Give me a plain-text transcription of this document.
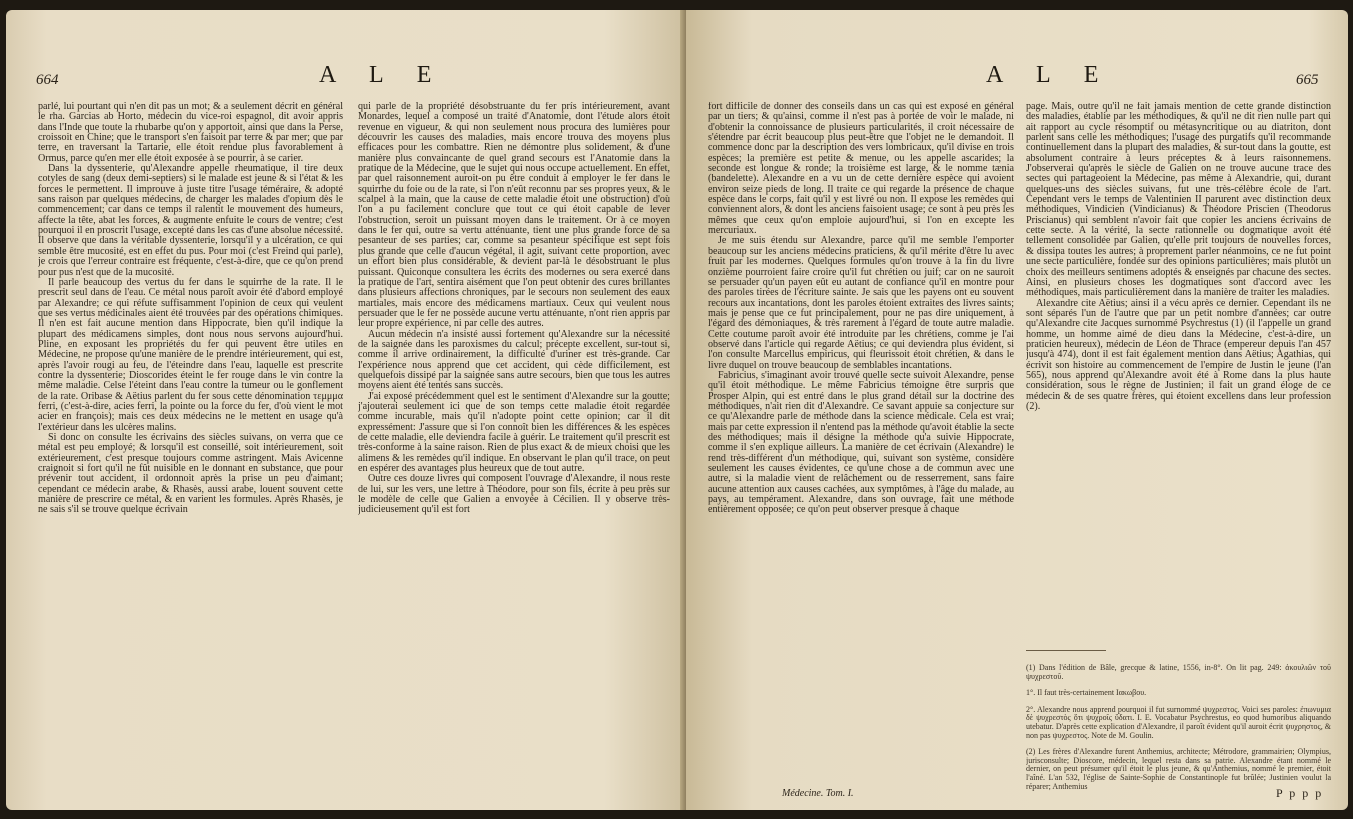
664	A L E

parlé, lui pourtant qui n'en dit pas un mot; & a seulement décrit en général le rha. Garcias ab Horto, médecin du vice-roi espagnol, dit avoir appris dans l'Inde que toute la rhubarbe qu'on y apportoit, ainsi que dans la Perse, croissoit en Chine; que le transport s'en faisoit par terre & par mer; que par terre, en traversant la Tartarie, elle étoit rendue plus favorablement à Ormus, parce qu'en mer elle étoit exposée à se pourrir, à se carier.

Dans la dyssenterie, qu'Alexandre appelle rheumatique, il tire deux cotyles de sang (deux demi-septiers) si le malade est jeune & si l'état & les forces le permettent. Il improuve à juste titre l'usage téméraire, & adopté sans raison par quelques médecins, de charger les malades d'opium dès le commencement; car dans ce temps il ralentit le mouvement des humeurs, affecte la tête, abat les forces, & augmente enfuite le cours de ventre; c'est pourquoi il en proscrit l'usage, excepté dans les cas d'une absolue nécessité. Il observe que dans la véritable dyssenterie, lorsqu'il y a ulcération, ce qui semble être mucosité, est en effet du pus. Pour moi (c'est Freind qui parle), je crois que l'erreur contraire est fréquente, c'est-à-dire, que ce qu'on prend pour pus n'est que de la mucosité.

Il parle beaucoup des vertus du fer dans le squirrhe de la rate. Il le prescrit seul dans de l'eau. Ce métal nous paroît avoir été d'abord employé par Alexandre; ce qui réfute suffisamment l'opinion de ceux qui veulent que ses vertus médicinales aient été trouvées par des opérations chimiques. Il n'en est fait aucune mention dans Hippocrate, bien qu'il indique la plupart des médicamens simples, dont nous nous servons aujourd'hui. Pline, en exposant les propriétés du fer qui peuvent être utiles en Médecine, ne propose qu'une manière de le prendre intérieurement, qui est, après l'avoir rougi au feu, de l'éteindre dans l'eau, laquelle est prescrite contre la dyssenterie; Dioscorides éteint le fer rouge dans le vin contre la même maladie. Celse l'éteint dans l'eau contre la tumeur ou le gonflement de la rate. Oribase & Aëtius parlent du fer sous cette dénomination τεμμμα ferri, (c'est-à-dire, acies ferri, la pointe ou la force du fer, d'où vient le mot acier en françois); mais ces deux médecins ne le mettent en usage qu'à l'extérieur dans les ulcères malins.

Si donc on consulte les écrivains des siècles suivans, on verra que ce métal est peu employé; & lorsqu'il est conseillé, soit intérieurement, soit extérieurement, c'est presque toujours comme astringent. Mais Avicenne craignoit si fort qu'il ne fût nuisible en le donnant en substance, que pour prévenir tout accident, il ordonnoit après la prise un peu d'aimant; cependant ce médecin arabe, & Rhasès, aussi arabe, louent souvent cette manière de prescrire ce métal, & en varient les formules. Après Rhasès, je ne sais s'il se trouve quelque écrivain

qui parle de la propriété désobstruante du fer prís intérieurement, avant Monardes, lequel a composé un traité d'Anatomie, dont l'étude alors étoit revenue en vigueur, & qui non seulement nous procura des lumières pour découvrir les causes des maladies, mais encore trouva des moyens plus efficaces pour les combattre. Rien ne démontre plus solidement, & d'une manière plus convaincante de quel grand secours est l'Anatomie dans la pratique de la Médecine, que le sujet qui nous occupe actuellement. En effet, par quel raisonnement auroit-on pu être conduit à employer le fer dans le squirrhe du foie ou de la rate, si l'on n'eût reconnu par ses propres yeux, & le scalpel à la main, que la cause de cette maladie étoit une obstruction) d'où l'on a pu facilement conclure que tout ce qui étoit capable de lever l'obstruction, seroit un puissant moyen dans le traitement. Or à ce moyen dans le fer qui, outre sa vertu atténuante, tient une plus grande force de sa pesanteur de ses parties; car, comme sa pesanteur spécifique est sept fois plus grande que celle d'aucun végétal, il agit, suivant cette proportion, avec un effort bien plus considérable, & devient par-là le désobstruant le plus puissant. Quiconque consultera les écrits des modernes ou sera exercé dans la pratique de l'art, sentira aisément que l'on peut obtenir des cures brillantes dans plusieurs affections chroniques, par le secours non seulement des eaux martiales, mais encore des médicamens martiaux. Ceux qui veulent nous persuader que le fer ne possède aucune vertu atténuante, n'ont rien appris par leur propre expérience, ni par celle des autres.

Aucun médecin n'a insisté aussi fortement qu'Alexandre sur la nécessité de la saignée dans les paroxismes du calcul; précepte excellent, sur-tout si, comme il arrive ordinairement, la difficulté d'uriner est très-grande. Car l'expérience nous apprend que cet accident, qui cède difficilement, est quelquefois dissipé par la saignée sans autre secours, bien que tous les autres moyens aient été tentés sans succès.

J'ai exposé précédemment quel est le sentiment d'Alexandre sur la goutte; j'ajouterai seulement ici que de son temps cette maladie étoit regardée comme incurable, mais qu'il n'adopte point cette opinion; car il dit expressément: J'assure que si l'on connoît bien les différences & les espèces de cette maladie, elle deviendra facile à guérir. Le traitement qu'il prescrit est très-conforme à la saine raison. Rien de plus exact & de mieux choisi que les alimens & les remèdes qu'il indique. En observant le plan qu'il trace, on peut en espérer des avantages plus heureux que de tout autre.

Outre ces douze livres qui composent l'ouvrage d'Alexandre, il nous reste de lui, sur les vers, une lettre à Théodore, pour son fils, écrite à peu près sur le modèle de celle que Galien a envoyée à Cécilien. Il y observe très-judicieusement qu'il est fort

A L E	665

fort difficile de donner des conseils dans un cas qui est exposé en général par un tiers; & qu'ainsi, comme il n'est pas à portée de voir le malade, ni d'obtenir la connoissance de plusieurs particularités, il croit nécessaire de s'étendre par écrit beaucoup plus peut-être que l'objet ne le demandoit. Il commence donc par la description des vers lombricaux, qu'il divise en trois espèces; la première est petite & menue, ou les appelle ascarides; la seconde est longue & ronde; la troisième est large, & le nomme tænia (bandelette). Alexandre en a vu un de cette dernière espèce qui avoient environ seize pieds de long. Il traite ce qui regarde la présence de chaque espèce dans le corps, fait qu'il y est livré ou non. Il expose les remèdes qui conviennent alors, & dont les anciens faisoient usage; ce sont à peu près les mêmes que ceux qu'on emploie aujourd'hui, si l'on en excepte les mercuriaux.

Je me suis étendu sur Alexandre, parce qu'il me semble l'emporter beaucoup sur les anciens médecins praticiens, & qu'il mérite d'être lu avec fruit par les modernes. Quelques formules qu'on trouve à la fin du livre onzième pourroient faire croire qu'il fut chrétien ou juif; car on ne sauroit se persuader qu'un payen eût eu autant de confiance qu'il en montre pour des paroles tirées de l'écriture sainte. Je sais que les payens ont eu souvent recours aux incantations, dont les paroles étoient extraites des livres saints; mais je pense que ce fut principalement, pour ne pas dire uniquement, à l'égard des démoniaques, & très rarement à l'égard de toute autre maladie. Cette coutume paroît avoir été introduite par les chrétiens, comme je l'ai observé dans l'article qui regarde Aëtius; ce qui deviendra plus évident, si l'on consulte Marcellus empiricus, qui fleurissoit étoit chrétien, & dans le livre duquel on trouve beaucoup de semblables incantations.

Fabricius, s'imaginant avoir trouvé quelle secte suivoit Alexandre, pense qu'il étoit méthodique. Le même Fabricius témoigne être surpris que Prosper Alpin, qui est entré dans le plus grand détail sur la doctrine des méthodiques, n'ait rien dit d'Alexandre. Ce savant appuie sa conjecture sur ce qu'Alexandre parle de méthode dans la science médicale. Cela est vrai; mais par cette expression il n'entend pas la méthode qu'avoit établie la secte des méthodiques; mais il désigne la méthode qu'a suivie Hippocrate, comme il s'en explique ailleurs. La manière de cet écrivain (Alexandre) le rend très-différent d'un méthodique, qui, suivant son système, considère seulement les causes évidentes, ce qu'une chose a de commun avec une autre, si la maladie vient de relâchement ou de resserrement, sans faire aucune attention aux causes cachées, aux symptômes, à l'âge du malade, au pays, au tempérament. Alexandre, dans son ouvrage, fait une méthode entièrement opposée; ce qu'on peut observer presque à chaque

page. Mais, outre qu'il ne fait jamais mention de cette grande distinction des maladies, établie par les méthodiques, & qu'il ne dit rien nulle part qui ait rapport au cycle résomptif ou métasyncritique ou au diatriton, dont parlent sans celle les méthodiques; l'usage des purgatifs qu'il recommande continuellement dans la plupart des maladies, & sur-tout dans la goutte, est absolument contraire à leurs préceptes & à leurs raisonnemens. J'observerai qu'après le siècle de Galien on ne trouve aucune trace des sectes qui partageoient la Médecine, pas même à Alexandrie, qui, durant quelques-uns des siècles suivans, fut une très-célèbre école de l'art. Cependant vers le temps de Valentinien II parurent avec distinction deux méthodiques, Vindicien (Vindicianus) & Théodore Priscien (Theodorus Priscianus) qui semblent n'avoir fait que copier les anciens écrivains de cette secte. A la vérité, la secte rationnelle ou dogmatique avoit été tellement consolidée par Galien, qu'elle prit toujours de nouvelles forces, & dissipa toutes les autres; à proprement parler néanmoins, ce ne fut point une secte particulière, fondée sur des opinions particulières; mais plutôt un choix des meilleurs sentimens adoptés & enseignés par chacune des sectes. Ainsi, en plusieurs choses les dogmatiques sont d'accord avec les méthodiques, mais particulièrement dans la manière de traiter les maladies.

Alexandre cite Aëtius; ainsi il a vécu après ce dernier. Cependant ils ne sont séparés l'un de l'autre que par un petit nombre d'années; car outre qu'Alexandre cite Jacques surnommé Psychrestus (1) (il l'appelle un grand homme, un homme aimé de dieu dans la Médecine, c'est-à-dire, un praticien heureux), médecin de Léon de Thrace (empereur depuis l'an 457 jusqu'à 474), dont il est fait également mention dans Aëtius; Agathias, qui écrivit son histoire au commencement de l'empire de Justin le jeune (l'an 565), nous apprend qu'Alexandre avoit été à Rome dans la plus haute considération, sous le règne de Justinien; il fait un grand éloge de ce médecin & de ses quatre frères, qui étoient excellens dans leur profession (2).

(1) Dans l'édition de Bâle, grecque & latine, 1556, in-8°. On lit pag. 249: ἀκουλιῶν τοῦ ψυχρεστοῦ.

1°. Il faut très-certainement Ιακωβου.

2°. Alexandre nous apprend pourquoi il fut surnommé ψυχρεστος. Voici ses paroles: ἐπωνυμια δὲ ψυχρεστὸς ὅτι ψυχροῖς ὕδατι. I. E. Vocabatur Psychrestus, eo quod humoribus aliquando utebatur. D'après cette explication d'Alexandre, il paroît évident qu'il auroit écrit ψυχρηστος, & non pas ψυχρεστος. Note de M. Goulin.

(2) Les frères d'Alexandre furent Anthemius, architecte; Métrodore, grammairien; Olympius, jurisconsulte; Dioscore, médecin, lequel resta dans sa patrie. Alexandre étant nommé le dernier, on peut présumer qu'il étoit le plus jeune, & qu'Anthemius, nommé le premier, étoit l'aîné. L'an 532, l'église de Sainte-Sophie de Constantinople fut brûlée; Justinien voulut la réparer; Anthemius

Médecine. Tom. I.	P p p p
